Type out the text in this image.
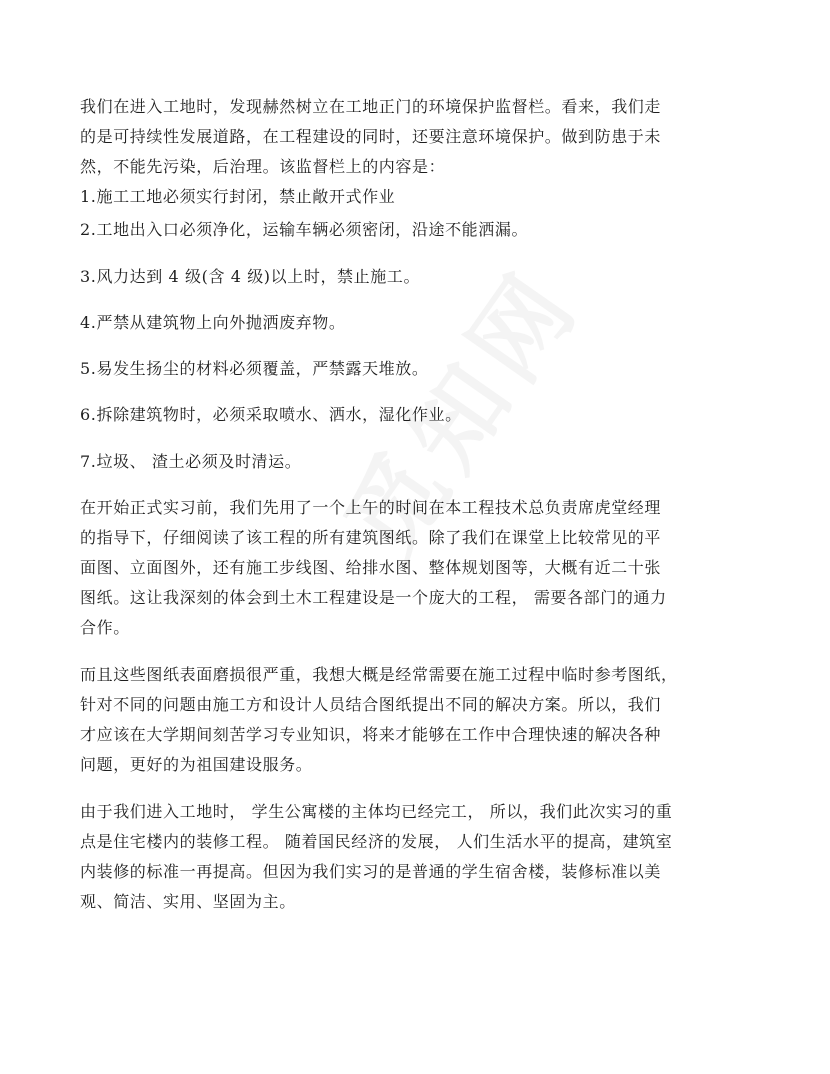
我们在进入工地时，发现赫然树立在工地正门的环境保护监督栏。看来，我们走

的是可持续性发展道路，在工程建设的同时，还要注意环境保护。做到防患于未

然，不能先污染，后治理。该监督栏上的内容是：

1.施工工地必须实行封闭，禁止敞开式作业

2.工地出入口必须净化，运输车辆必须密闭，沿途不能洒漏。

3.风力达到 4 级(含 4 级)以上时，禁止施工。

4.严禁从建筑物上向外抛洒废弃物。

5.易发生扬尘的材料必须覆盖，严禁露天堆放。

6.拆除建筑物时，必须采取喷水、洒水，湿化作业。

7.垃圾、 渣土必须及时清运。

在开始正式实习前，我们先用了一个上午的时间在本工程技术总负责席虎堂经理

的指导下，仔细阅读了该工程的所有建筑图纸。除了我们在课堂上比较常见的平

面图、立面图外，还有施工步线图、给排水图、整体规划图等，大概有近二十张

图纸。这让我深刻的体会到土木工程建设是一个庞大的工程， 需要各部门的通力

合作。

而且这些图纸表面磨损很严重，我想大概是经常需要在施工过程中临时参考图纸，

针对不同的问题由施工方和设计人员结合图纸提出不同的解决方案。所以，我们

才应该在大学期间刻苦学习专业知识，将来才能够在工作中合理快速的解决各种

问题，更好的为祖国建设服务。

由于我们进入工地时， 学生公寓楼的主体均已经完工， 所以，我们此次实习的重

点是住宅楼内的装修工程。 随着国民经济的发展， 人们生活水平的提高，建筑室

内装修的标准一再提高。但因为我们实习的是普通的学生宿舍楼，装修标准以美

观、简洁、实用、坚固为主。
